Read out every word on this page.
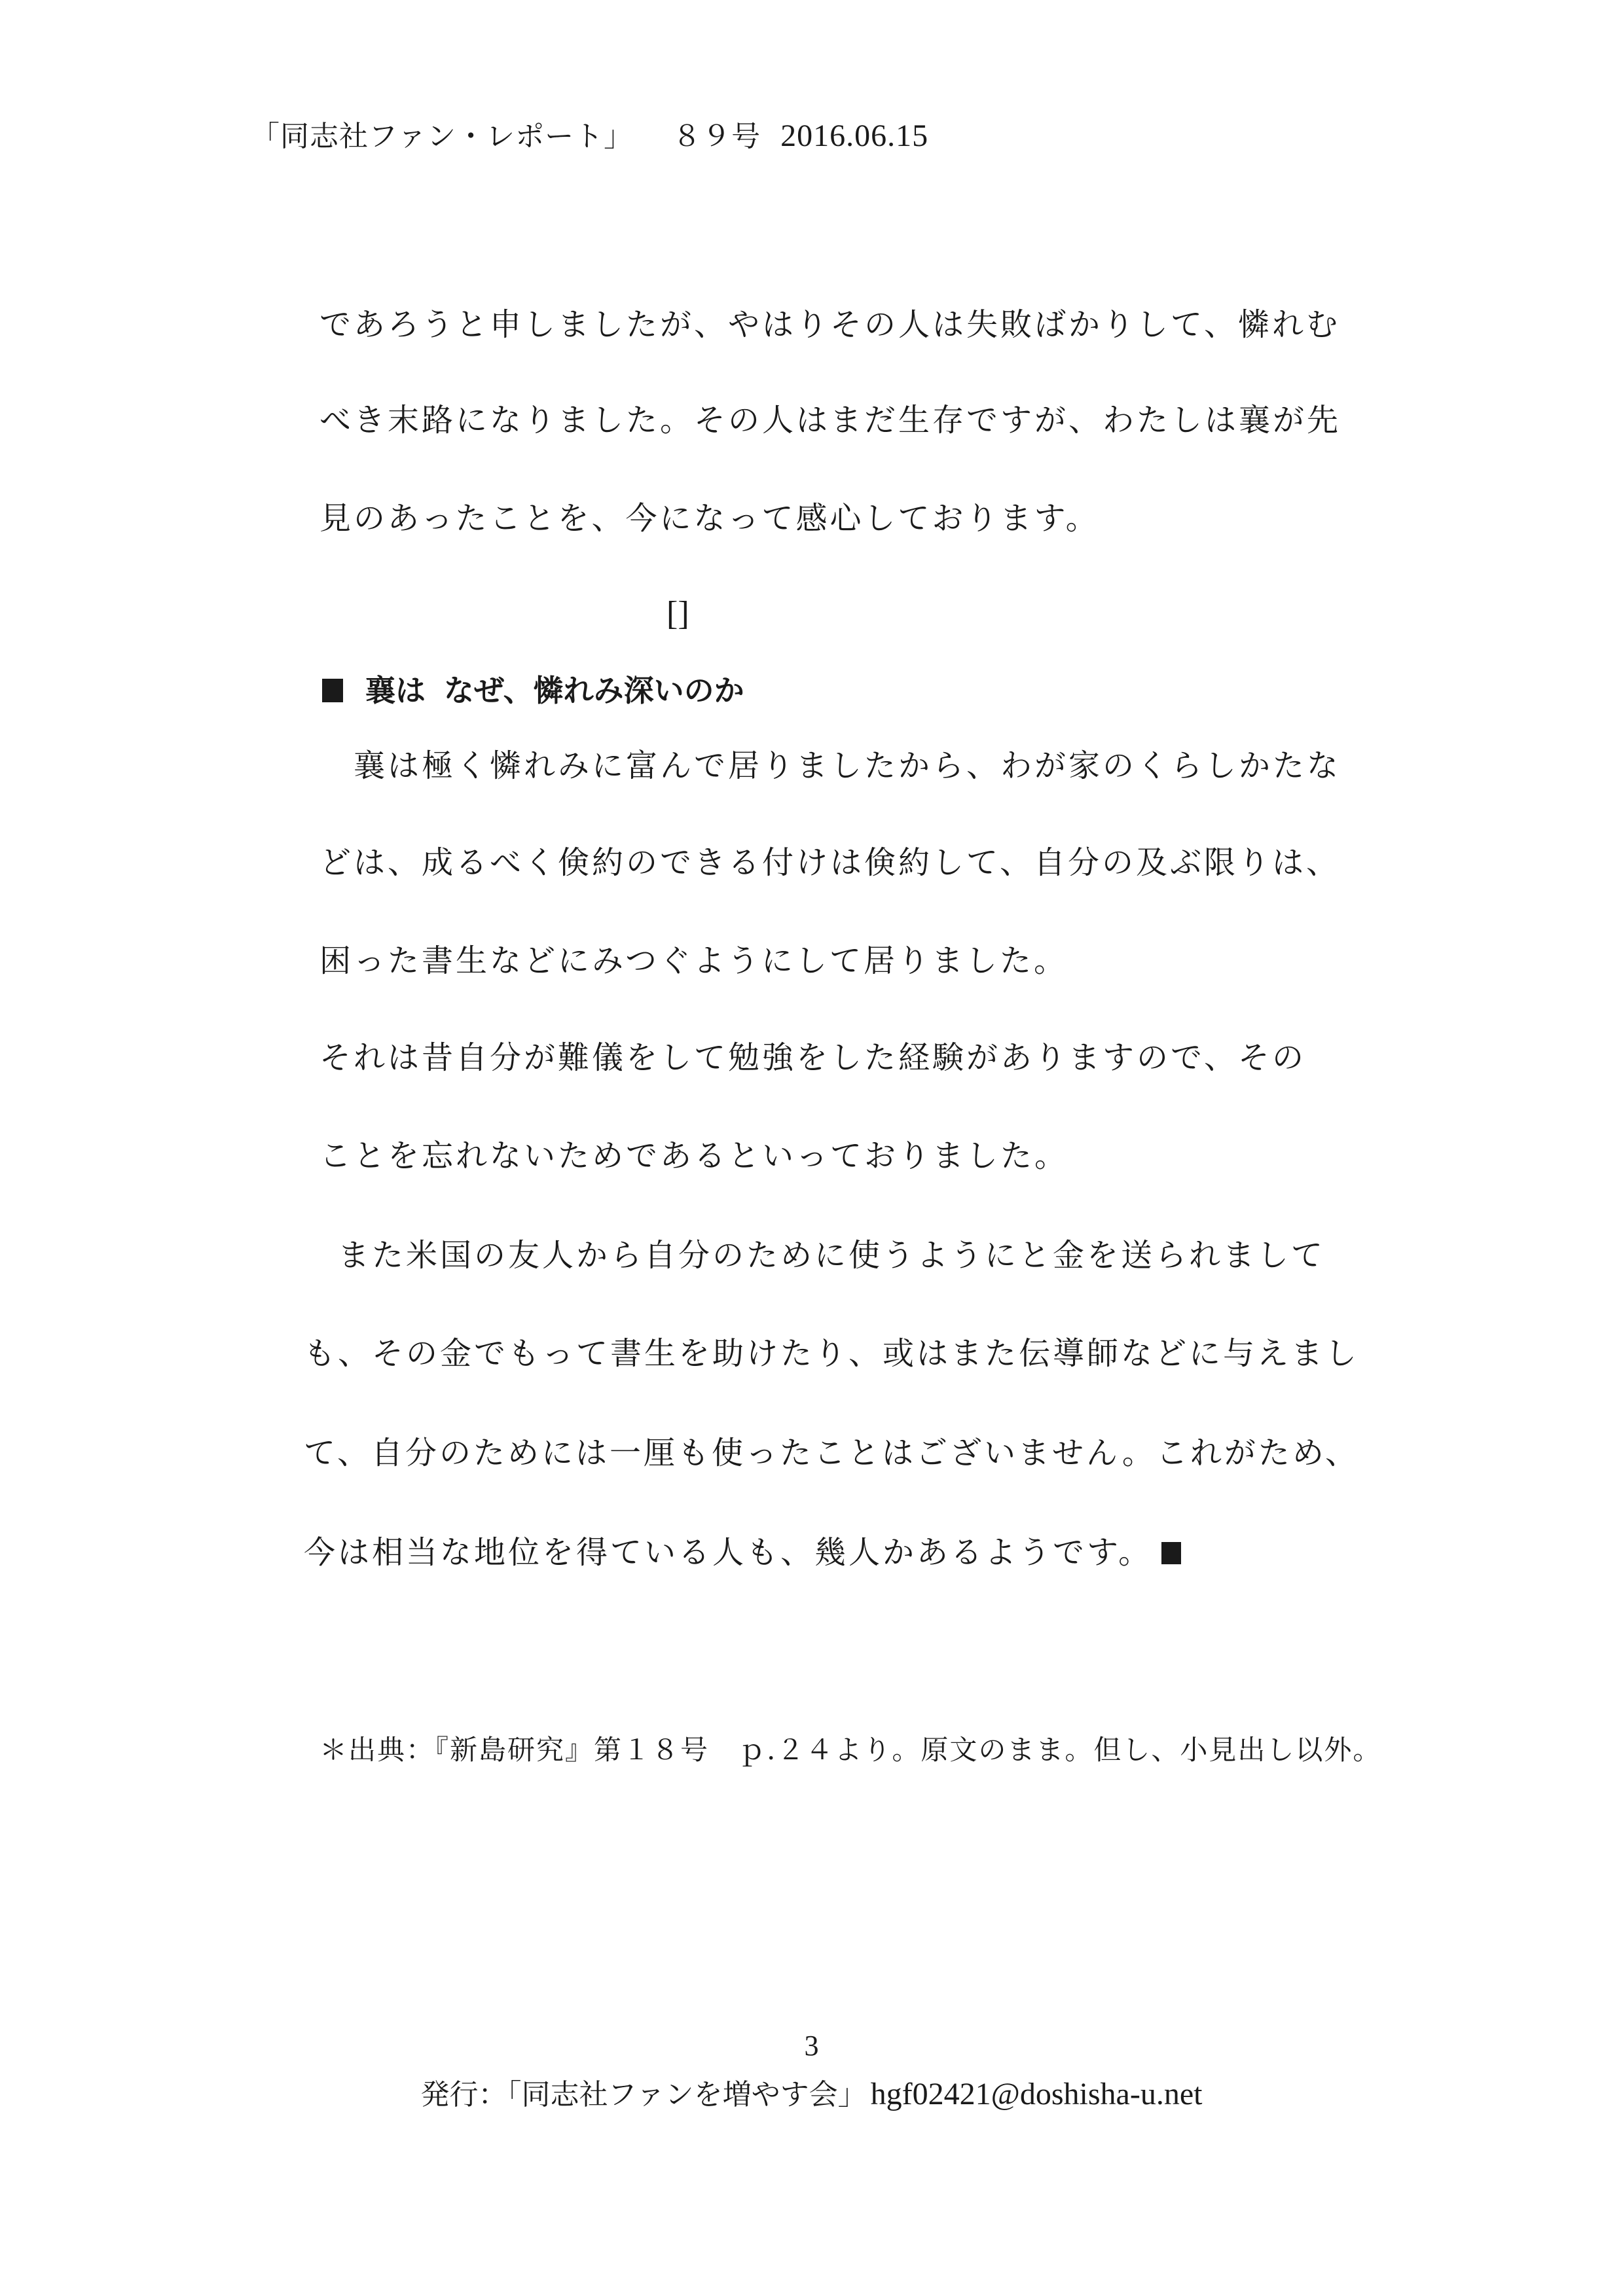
「同志社ファン・レポート」 ８９号 2016.06.15
であろうと申しましたが、やはりその人は失敗ばかりして、憐れむ
べき末路になりました。その人はまだ生存ですが、わたしは襄が先
見のあったことを、今になって感心しております。
[]
襄は なぜ、憐れみ深いのか
　襄は極く憐れみに富んで居りましたから、わが家のくらしかたな
どは、成るべく倹約のできる付けは倹約して、自分の及ぶ限りは、
困った書生などにみつぐようにして居りました。
それは昔自分が難儀をして勉強をした経験がありますので、その
ことを忘れないためであるといっておりました。
　また米国の友人から自分のために使うようにと金を送られまして
も、その金でもって書生を助けたり、或はまた伝導師などに与えまし
て、自分のためには一厘も使ったことはございません。これがため、
今は相当な地位を得ている人も、幾人かあるようです。
＊出典：『新島研究』第１８号　ｐ.２４より。原文のまま。但し、小見出し以外。
3
発行：「同志社ファンを増やす会」 hgf02421@doshisha-u.net
